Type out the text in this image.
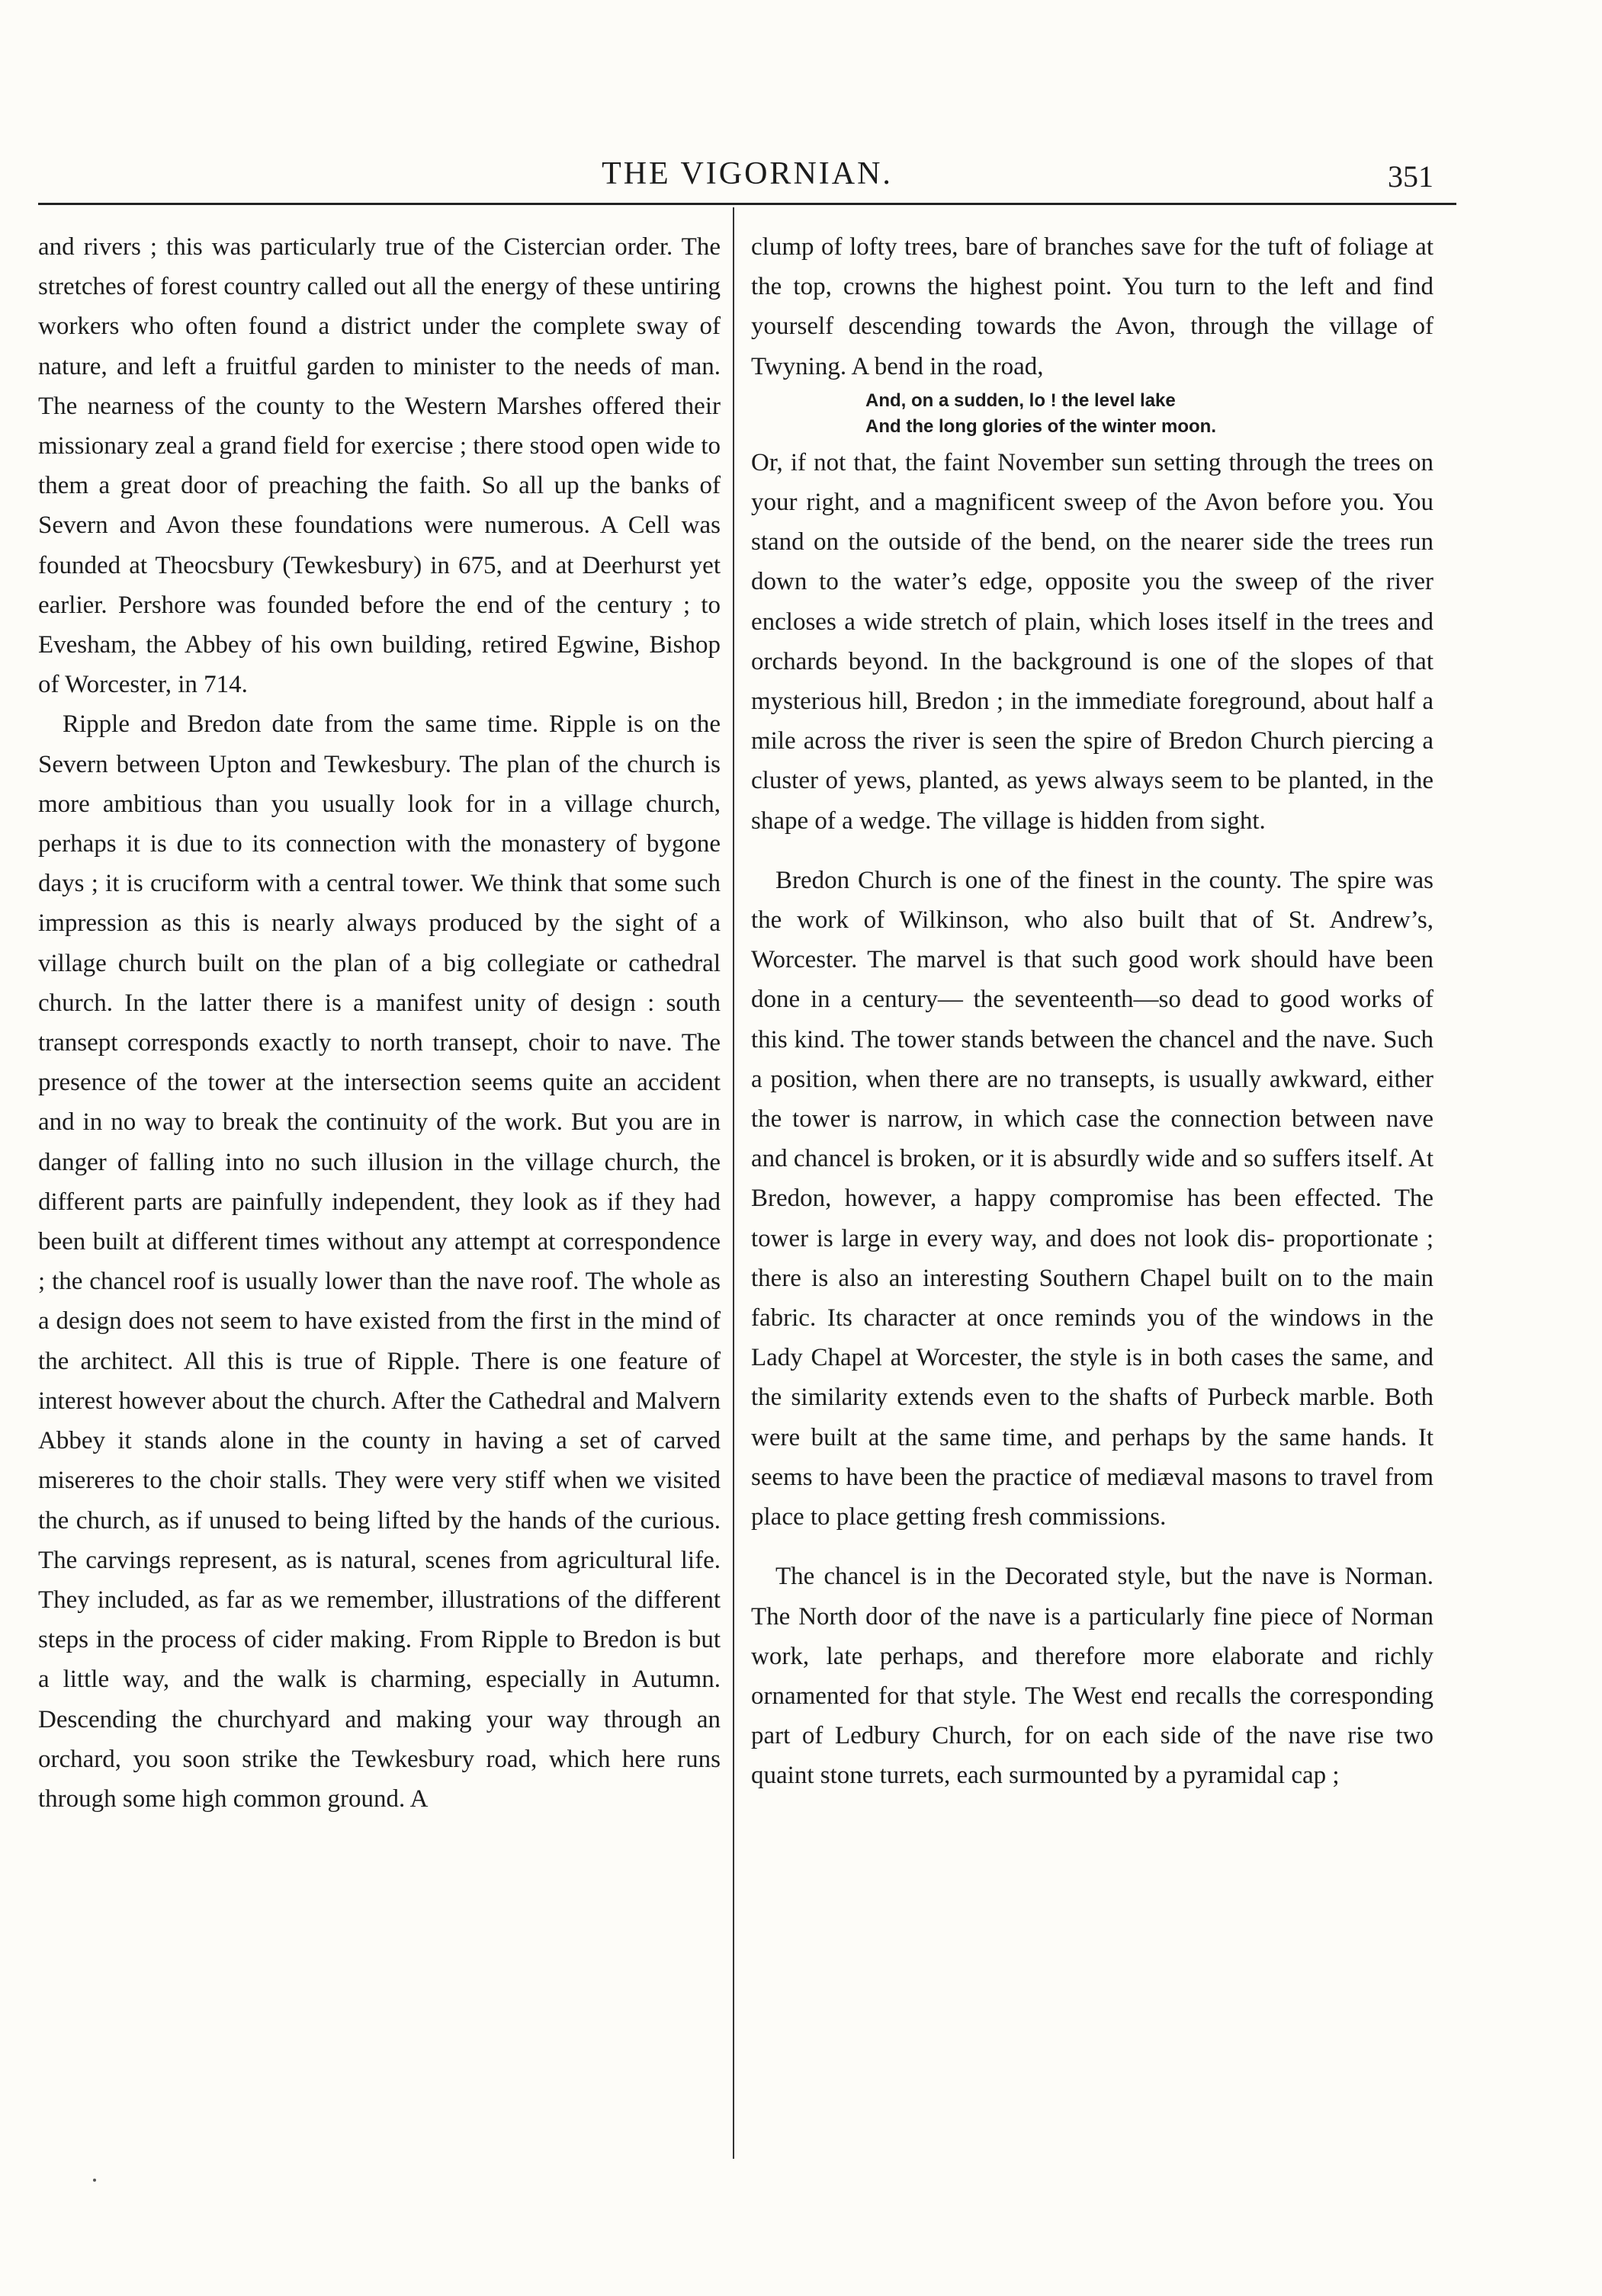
THE VIGORNIAN.	351

and rivers ; this was particularly true of the Cistercian order. The stretches of forest country called out all the energy of these untiring workers who often found a district under the complete sway of nature, and left a fruitful garden to minister to the needs of man. The nearness of the county to the Western Marshes offered their missionary zeal a grand field for exercise ; there stood open wide to them a great door of preaching the faith. So all up the banks of Severn and Avon these foundations were numerous. A Cell was founded at Theocsbury (Tewkesbury) in 675, and at Deerhurst yet earlier. Pershore was founded before the end of the century ; to Evesham, the Abbey of his own building, retired Egwine, Bishop of Worcester, in 714.

Ripple and Bredon date from the same time. Ripple is on the Severn between Upton and Tewkesbury. The plan of the church is more ambitious than you usually look for in a village church, perhaps it is due to its connection with the monastery of bygone days ; it is cruciform with a central tower. We think that some such impression as this is nearly always produced by the sight of a village church built on the plan of a big collegiate or cathedral church. In the latter there is a manifest unity of design : south transept corresponds exactly to north transept, choir to nave. The presence of the tower at the intersection seems quite an accident and in no way to break the continuity of the work. But you are in danger of falling into no such illusion in the village church, the different parts are painfully independent, they look as if they had been built at different times without any attempt at correspondence ; the chancel roof is usually lower than the nave roof. The whole as a design does not seem to have existed from the first in the mind of the architect. All this is true of Ripple. There is one feature of interest however about the church. After the Cathedral and Malvern Abbey it stands alone in the county in having a set of carved misereres to the choir stalls. They were very stiff when we visited the church, as if unused to being lifted by the hands of the curious. The carvings represent, as is natural, scenes from agricultural life. They included, as far as we remember, illustrations of the different steps in the process of cider making. From Ripple to Bredon is but a little way, and the walk is charming, especially in Autumn. Descending the churchyard and making your way through an orchard, you soon strike the Tewkesbury road, which here runs through some high common ground. A

clump of lofty trees, bare of branches save for the tuft of foliage at the top, crowns the highest point. You turn to the left and find yourself descending towards the Avon, through the village of Twyning. A bend in the road,

And, on a sudden, lo ! the level lake
And the long glories of the winter moon.

Or, if not that, the faint November sun setting through the trees on your right, and a magnificent sweep of the Avon before you. You stand on the outside of the bend, on the nearer side the trees run down to the water’s edge, opposite you the sweep of the river encloses a wide stretch of plain, which loses itself in the trees and orchards beyond. In the background is one of the slopes of that mysterious hill, Bredon ; in the immediate foreground, about half a mile across the river is seen the spire of Bredon Church piercing a cluster of yews, planted, as yews always seem to be planted, in the shape of a wedge. The village is hidden from sight.

Bredon Church is one of the finest in the county. The spire was the work of Wilkinson, who also built that of St. Andrew’s, Worcester. The marvel is that such good work should have been done in a century— the seventeenth—so dead to good works of this kind. The tower stands between the chancel and the nave. Such a position, when there are no transepts, is usually awkward, either the tower is narrow, in which case the connection between nave and chancel is broken, or it is absurdly wide and so suffers itself. At Bredon, however, a happy compromise has been effected. The tower is large in every way, and does not look dis- proportionate ; there is also an interesting Southern Chapel built on to the main fabric. Its character at once reminds you of the windows in the Lady Chapel at Worcester, the style is in both cases the same, and the similarity extends even to the shafts of Purbeck marble. Both were built at the same time, and perhaps by the same hands. It seems to have been the practice of mediæval masons to travel from place to place getting fresh commissions.

The chancel is in the Decorated style, but the nave is Norman. The North door of the nave is a particularly fine piece of Norman work, late perhaps, and therefore more elaborate and richly ornamented for that style. The West end recalls the corresponding part of Ledbury Church, for on each side of the nave rise two quaint stone turrets, each surmounted by a pyramidal cap ;
